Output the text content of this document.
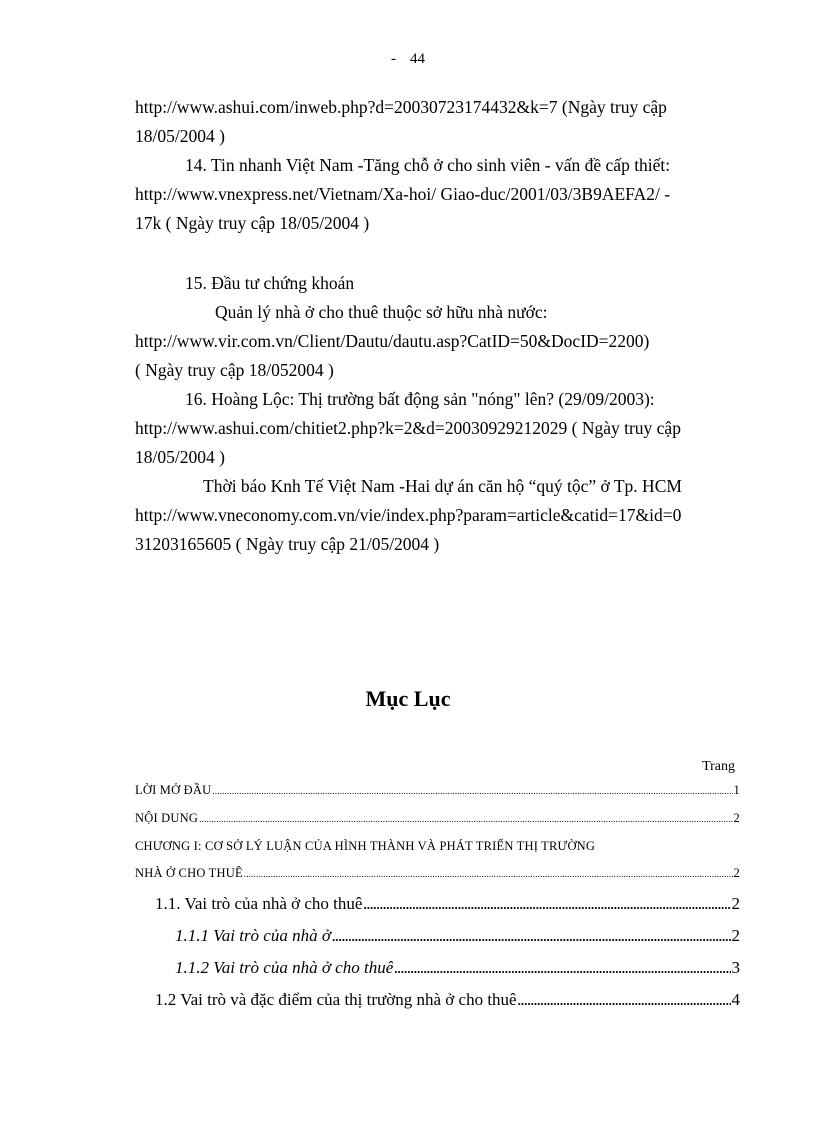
- 44
http://www.ashui.com/inweb.php?d=20030723174432&k=7 (Ngày truy cập
18/05/2004 )
14. Tin nhanh Việt Nam -Tăng chỗ ở cho sinh viên - vấn đề cấp thiết:
http://www.vnexpress.net/Vietnam/Xa-hoi/ Giao-duc/2001/03/3B9AEFA2/ -
17k ( Ngày truy cập 18/05/2004 )
15. Đầu tư chứng khoán
Quản lý nhà ở cho thuê thuộc sở hữu nhà nước:
http://www.vir.com.vn/Client/Dautu/dautu.asp?CatID=50&DocID=2200)
( Ngày truy cập 18/052004 )
16. Hoàng Lộc: Thị trường bất động sản "nóng" lên? (29/09/2003):
http://www.ashui.com/chitiet2.php?k=2&d=20030929212029 ( Ngày truy cập
18/05/2004 )
Thời báo Knh Tế Việt Nam -Hai dự án căn hộ “quý tộc” ở Tp. HCM
http://www.vneconomy.com.vn/vie/index.php?param=article&catid=17&id=0
31203165605 ( Ngày truy cập 21/05/2004 )
Mục Lục
Trang
LỜI MỞ ĐẦU .....	1
NỘI DUNG .....	2
CHƯƠNG I: CƠ SỞ LÝ LUẬN CỦA HÌNH THÀNH VÀ PHÁT TRIỂN THỊ TRƯỜNG
NHÀ Ở CHO THUÊ .....	2
1.1. Vai trò của nhà ở cho thuê .....	2
1.1.1 Vai trò của nhà ở .....	2
1.1.2 Vai trò của nhà ở cho thuê .....	3
1.2 Vai trò và đặc điểm của thị trường nhà ở cho thuê .....	4
